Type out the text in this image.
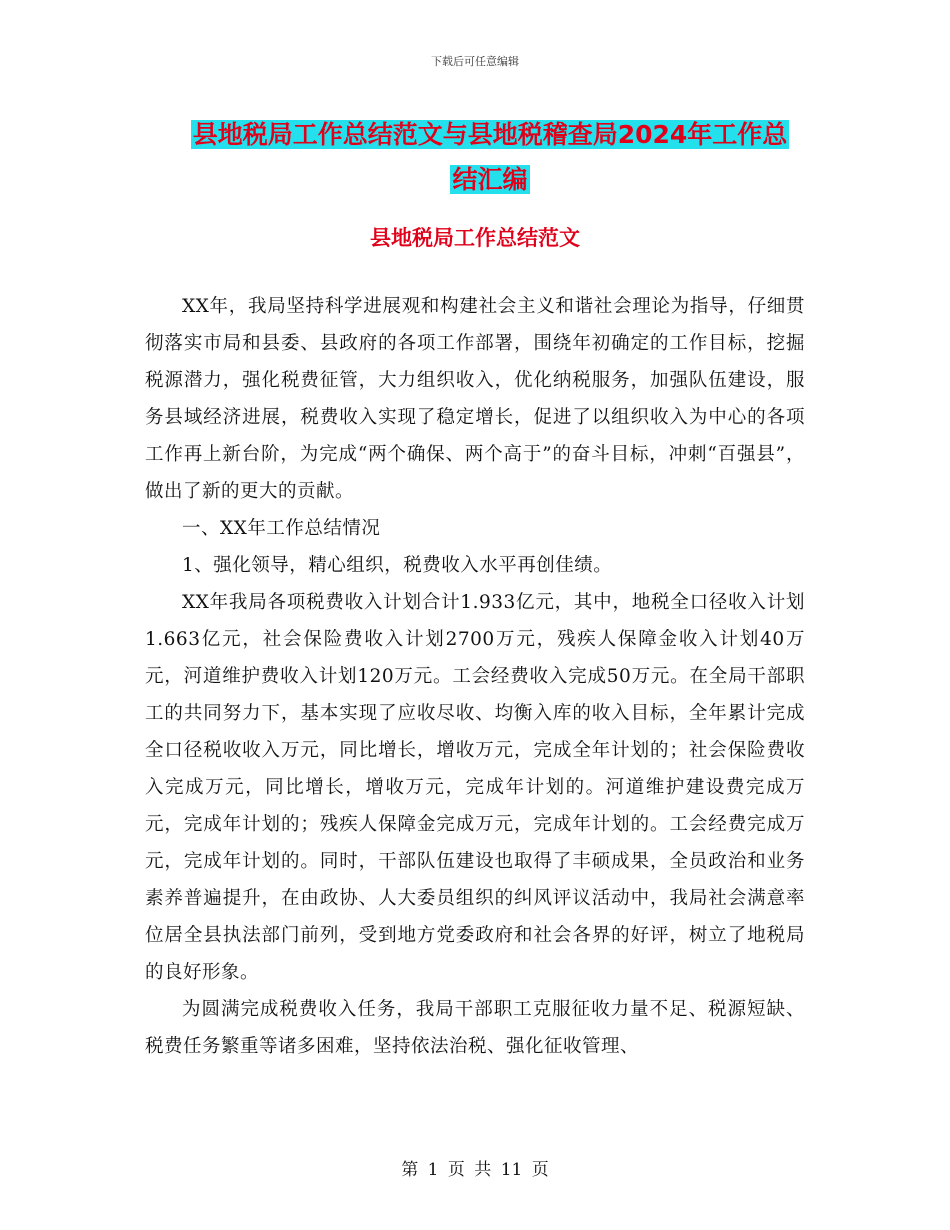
下载后可任意编辑
县地税局工作总结范文与县地税稽查局2024年工作总
结汇编
县地税局工作总结范文

XX年，我局坚持科学进展观和构建社会主义和谐社会理论为指导，仔细贯彻落实市局和县委、县政府的各项工作部署，围绕年初确定的工作目标，挖掘税源潜力，强化税费征管，大力组织收入，优化纳税服务，加强队伍建设，服务县域经济进展，税费收入实现了稳定增长，促进了以组织收入为中心的各项工作再上新台阶，为完成“两个确保、两个高于”的奋斗目标，冲刺“百强县”，做出了新的更大的贡献。

一、XX年工作总结情况

1、强化领导，精心组织，税费收入水平再创佳绩。

XX年我局各项税费收入计划合计1.933亿元，其中，地税全口径收入计划1.663亿元，社会保险费收入计划2700万元，残疾人保障金收入计划40万元，河道维护费收入计划120万元。工会经费收入完成50万元。在全局干部职工的共同努力下，基本实现了应收尽收、均衡入库的收入目标，全年累计完成全口径税收收入万元，同比增长，增收万元，完成全年计划的；社会保险费收入完成万元，同比增长，增收万元，完成年计划的。河道维护建设费完成万元，完成年计划的；残疾人保障金完成万元，完成年计划的。工会经费完成万元，完成年计划的。同时，干部队伍建设也取得了丰硕成果，全员政治和业务素养普遍提升，在由政协、人大委员组织的纠风评议活动中，我局社会满意率位居全县执法部门前列，受到地方党委政府和社会各界的好评，树立了地税局的良好形象。

为圆满完成税费收入任务，我局干部职工克服征收力量不足、税源短缺、税费任务繁重等诸多困难，坚持依法治税、强化征收管理、

第 1 页 共 11 页
